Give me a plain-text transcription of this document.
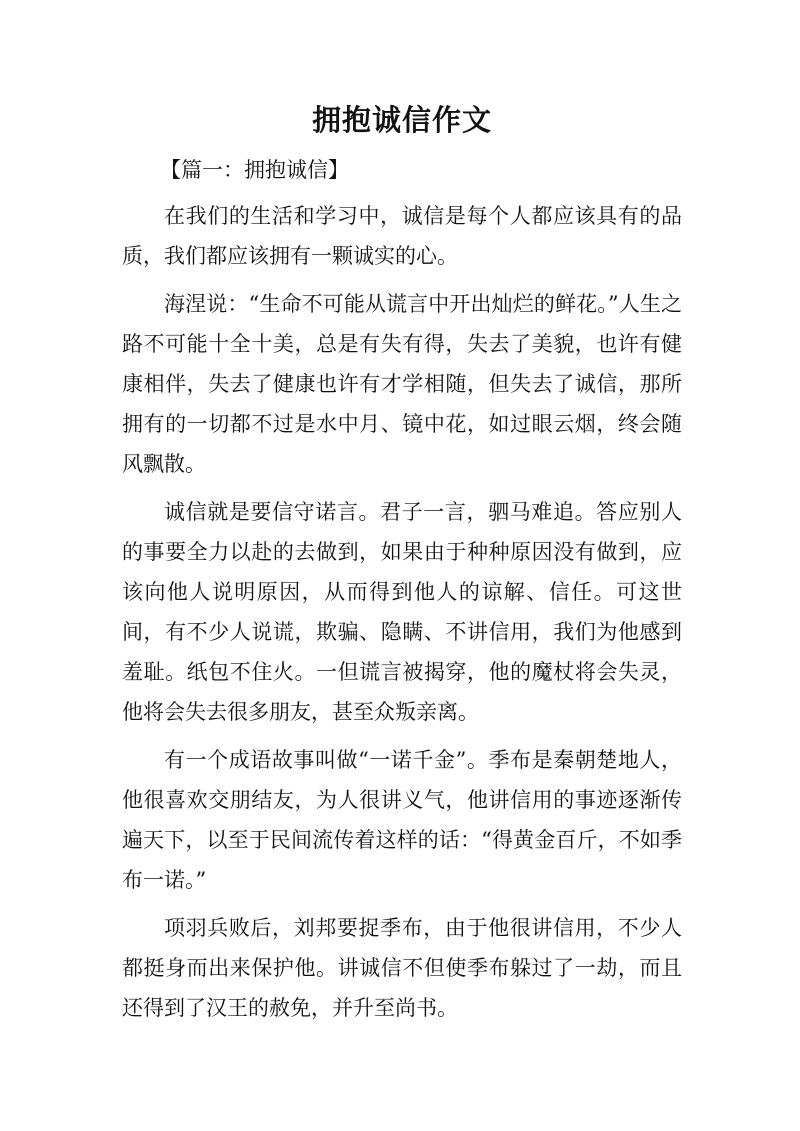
拥抱诚信作文

【篇一：拥抱诚信】

在我们的生活和学习中，诚信是每个人都应该具有的品质，我们都应该拥有一颗诚实的心。

海涅说：“生命不可能从谎言中开出灿烂的鲜花。”人生之路不可能十全十美，总是有失有得，失去了美貌，也许有健康相伴，失去了健康也许有才学相随，但失去了诚信，那所拥有的一切都不过是水中月、镜中花，如过眼云烟，终会随风飘散。

诚信就是要信守诺言。君子一言，驷马难追。答应别人的事要全力以赴的去做到，如果由于种种原因没有做到，应该向他人说明原因，从而得到他人的谅解、信任。可这世间，有不少人说谎，欺骗、隐瞒、不讲信用，我们为他感到羞耻。纸包不住火。一但谎言被揭穿，他的魔杖将会失灵，他将会失去很多朋友，甚至众叛亲离。

有一个成语故事叫做“一诺千金”。季布是秦朝楚地人，他很喜欢交朋结友，为人很讲义气，他讲信用的事迹逐渐传遍天下，以至于民间流传着这样的话：“得黄金百斤，不如季布一诺。”

项羽兵败后，刘邦要捉季布，由于他很讲信用，不少人都挺身而出来保护他。讲诚信不但使季布躲过了一劫，而且还得到了汉王的赦免，并升至尚书。
